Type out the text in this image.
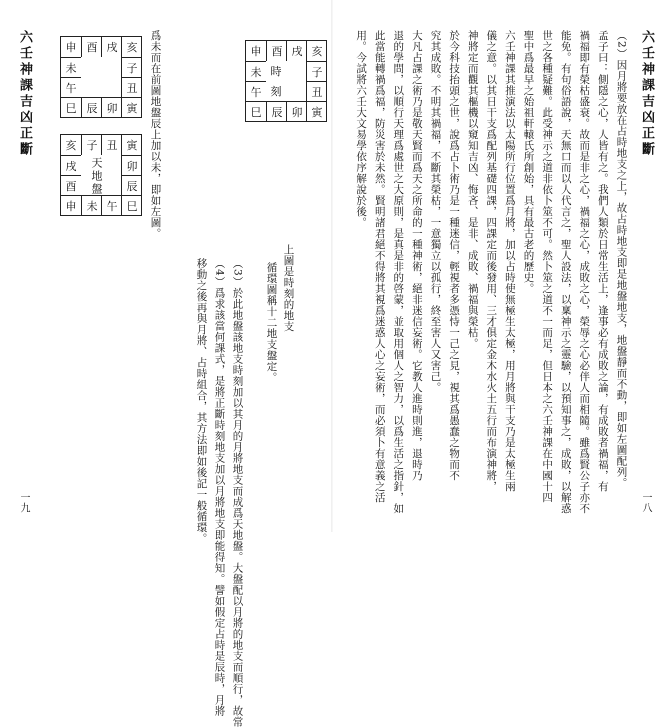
六壬神課吉凶正斷
一八
（2）因月將要放在占時地支之上，故占時地支即是地盤地支，地盤靜而不動，即如左圖配列。
孟子曰：側隱之心，人皆有之。我們人類於日常生活上，逢事必有成敗之論，有成敗者禍福，有
禍福即有榮枯盛衰。故而是非之心，禍福之心，成敗之心，榮辱之心必伴人而相隨。雖爲賢公子亦不
能免。有句俗語說，天無口而以人代言之，聖人設法，以稟神示之靈驗，以預知事之，成敗，以解惑
世之各種疑難。此受神示之道非依卜筮不可。然卜筮之道不一而足，但日本之六壬神課在中國十四
聖中爲最早之始祖軒轅氏所創始，具有最古老的歷史。
六壬神課其推演法以太陽所行位置爲月將，加以占時使無極生太極，用月將與干支乃是太極生兩
儀之意。以其日干支爲配列基礎四課，四課定而後發用、三才俱定金木水火土五行而布演神將，
神將定而觀其樞機以窺知吉凶、悔吝、是非、成敗、禍福與榮枯。
於今科技抬頭之世，說爲占卜術乃是一種迷信，輕視者多憑恃一己之見，視其爲愚蠢之物而不
究其成敗。不明其禍福，不斷其榮枯，一意獨立以孤行，終至害人又害己。
大凡占課之術乃是敬天賢而爲天之所命的一種神術，絕非迷信妄術。它教人進時則進，退時乃
退的學問，以順行天理爲處世之大原則，是真是非的啓蒙，並取用個人之智力，以爲生活之指針，如
此當能轉禍爲福，防災害於未然。賢明諸君絕不得將其視爲迷惑人心之妄術，而必須卜有意義之活
用。今試將六壬大文易學依序解說於後。
六壬神課吉凶正斷
一九
爲未而在前圖地盤辰上加以未，即如左圖。
移動之後再與月將、占時組合，其方法即如後記一般循環。 （4）爲求該當何課式，是將正斷時刻地支加以月將地支即能得知。譬如假定占時是辰時，月將 （3）於此地盤該地支時刻加以其月的月將地支而成爲天地盤。大盤配以月將的地支而順行，故常	上圖是時刻的地支
循環圖稱十二地支盤定。
申 酉 戌 亥
未	子
午	丑
巳 辰 卯 寅
亥 子 丑 寅
戌	卯
酉	辰
申 未 午 巳
天地盤
申 酉 戌 亥
未 時	子
午 刻	丑
巳 辰 卯 寅
